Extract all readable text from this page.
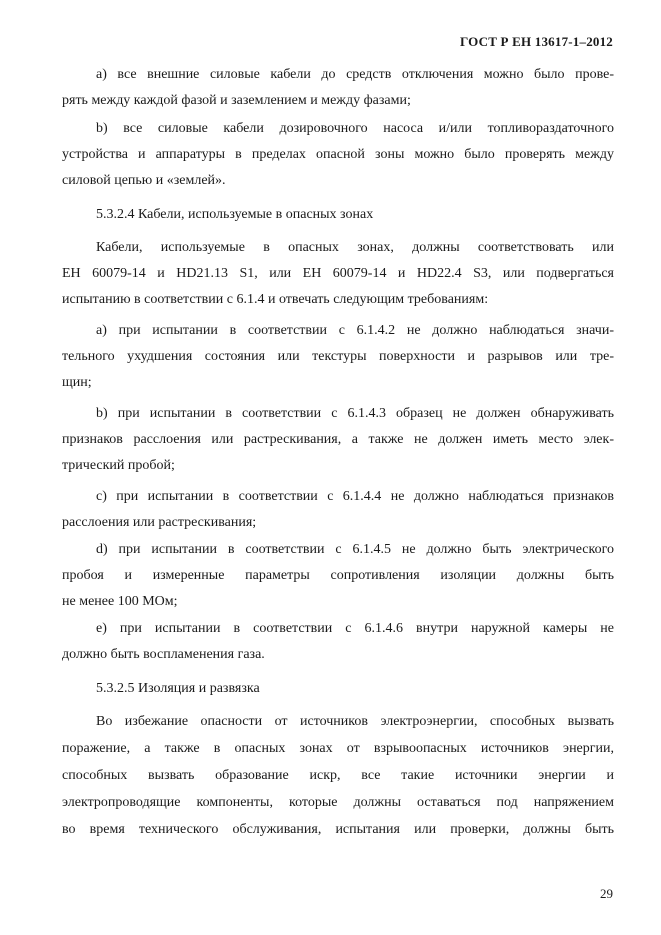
ГОСТ Р ЕН 13617-1–2012
а) все внешние силовые кабели до средств отключения можно было прове-
рять между каждой фазой и заземлением и между фазами;
b) все силовые кабели дозировочного насоса и/или топливораздаточного
устройства и аппаратуры в пределах опасной зоны можно было проверять между
силовой цепью и «землей».
5.3.2.4 Кабели, используемые в опасных зонах
Кабели, используемые в опасных зонах, должны соответствовать или
ЕН 60079-14 и HD21.13 S1, или ЕН 60079-14 и HD22.4 S3, или подвергаться
испытанию в соответствии с 6.1.4 и отвечать следующим требованиям:
а) при испытании в соответствии с 6.1.4.2 не должно наблюдаться значи-
тельного ухудшения состояния или текстуры поверхности и разрывов или тре-
щин;
b) при испытании в соответствии с 6.1.4.3 образец не должен обнаруживать
признаков расслоения или растрескивания, а также не должен иметь место элек-
трический пробой;
с) при испытании в соответствии с 6.1.4.4 не должно наблюдаться признаков
расслоения или растрескивания;
d) при испытании в соответствии с 6.1.4.5 не должно быть электрического
пробоя и измеренные параметры сопротивления изоляции должны быть
не менее 100 МОм;
е) при испытании в соответствии с 6.1.4.6 внутри наружной камеры не
должно быть воспламенения газа.
5.3.2.5 Изоляция и развязка
Во избежание опасности от источников электроэнергии, способных вызвать
поражение, а также в опасных зонах от взрывоопасных источников энергии,
способных вызвать образование искр, все такие источники энергии и
электропроводящие компоненты, которые должны оставаться под напряжением
во время технического обслуживания, испытания или проверки, должны быть
29
